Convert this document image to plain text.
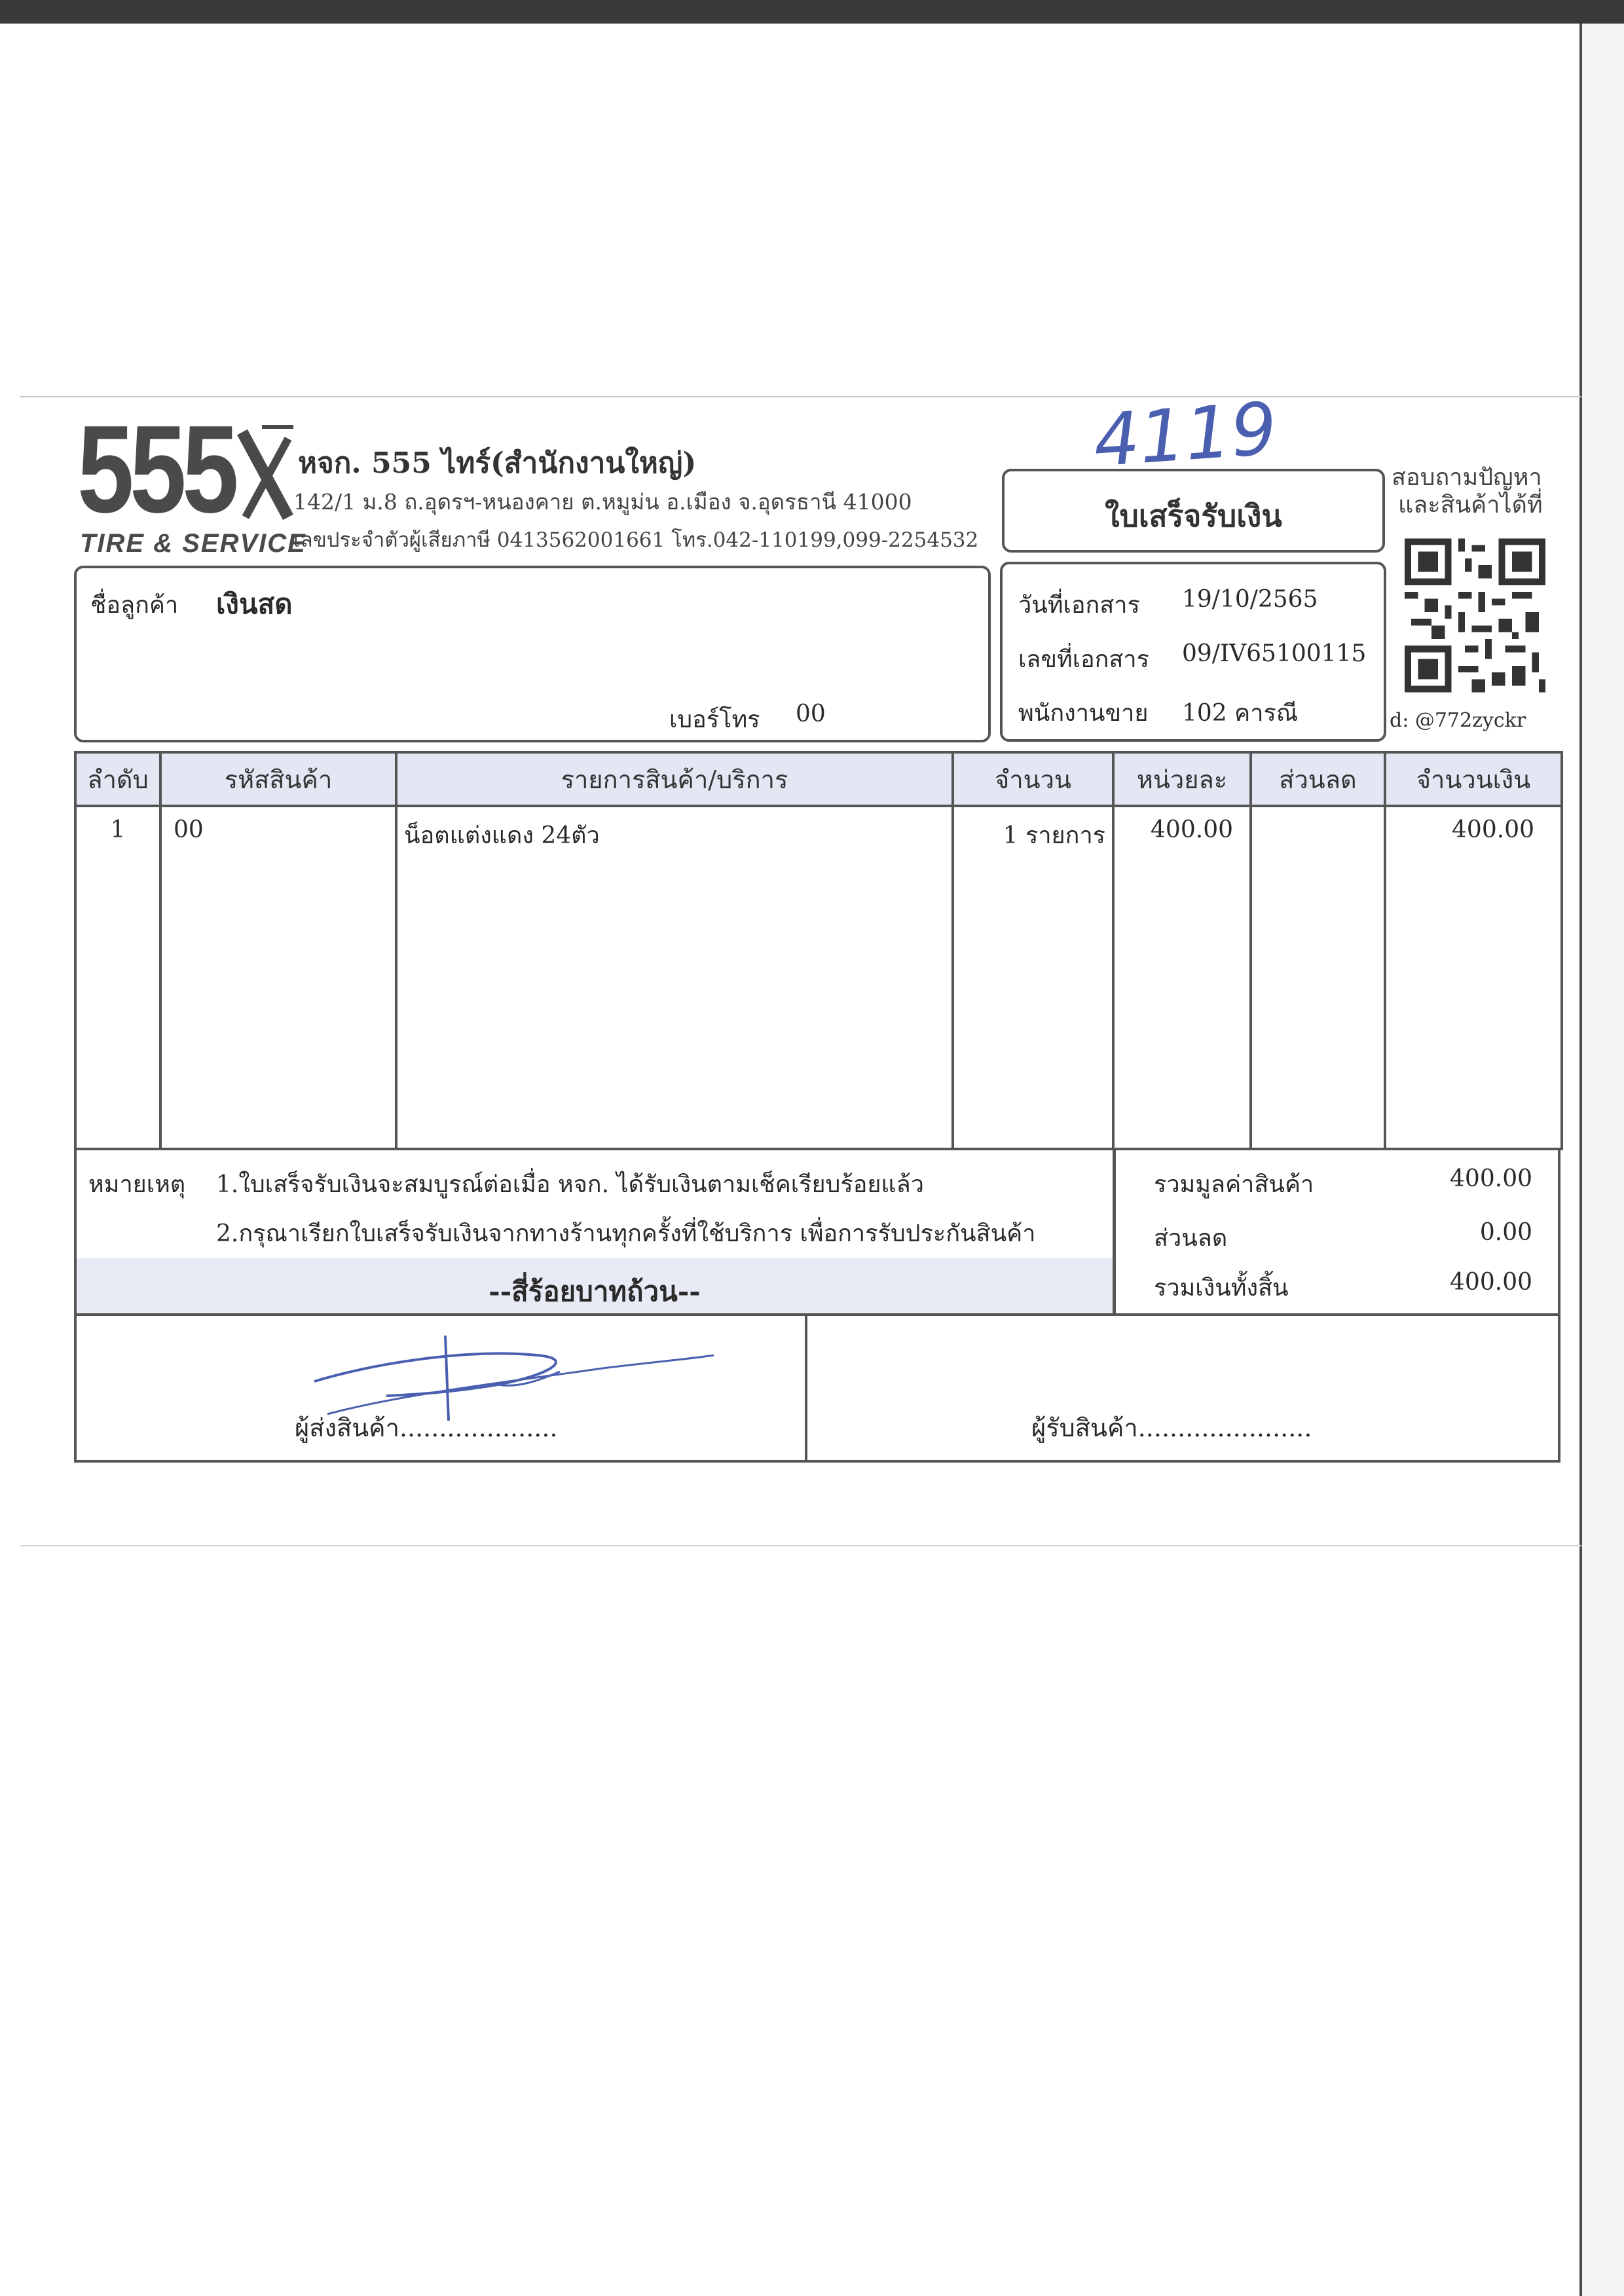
555
TIRE & SERVICE
หจก. 555 ไทร์(สำนักงานใหญ่)
142/1 ม.8 ถ.อุดรฯ-หนองคาย ต.หมูม่น อ.เมือง จ.อุดรธานี 41000
เลขประจำตัวผู้เสียภาษี 0413562001661 โทร.042-110199,099-2254532
4119
ใบเสร็จรับเงิน
สอบถามปัญหา
และสินค้าได้ที่
d: @772zyckr
ชื่อลูกค้า เงินสด
เบอร์โทร 00
วันที่เอกสาร 19/10/2565
เลขที่เอกสาร 09/IV65100115
พนักงานขาย 102 คารณี
ลำดับ	รหัสสินค้า	รายการสินค้า/บริการ	จำนวน	หน่วยละ	ส่วนลด	จำนวนเงิน
1	00	น็อตแต่งแดง 24ตัว	1 รายการ	400.00		400.00
หมายเหตุ 1.ใบเสร็จรับเงินจะสมบูรณ์ต่อเมื่อ หจก. ได้รับเงินตามเช็คเรียบร้อยแล้ว
2.กรุณาเรียกใบเสร็จรับเงินจากทางร้านทุกครั้งที่ใช้บริการ เพื่อการรับประกันสินค้า
--สี่ร้อยบาทถ้วน--
รวมมูลค่าสินค้า	400.00
ส่วนลด	0.00
รวมเงินทั้งสิ้น	400.00
ผู้ส่งสินค้า....................	ผู้รับสินค้า......................
